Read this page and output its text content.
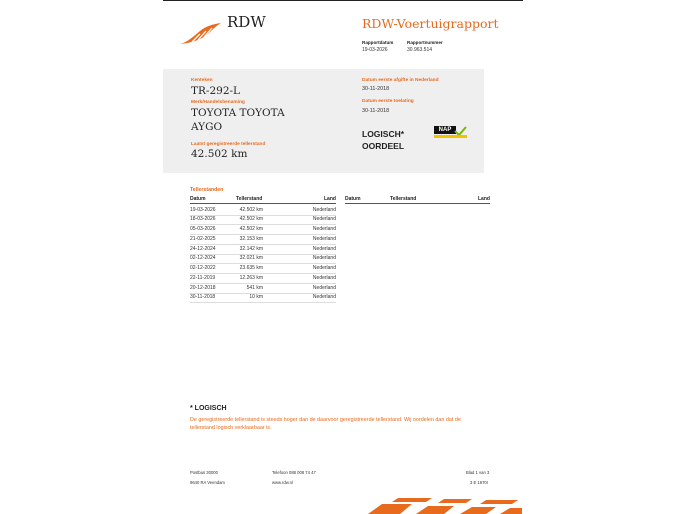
RDW	RDW-Voertuigrapport
Rapportdatum
19-03-2026
Rapportnummer
30.963.514
Kenteken
TR-292-L
Merk/Handelsbenaming
TOYOTA TOYOTA
AYGO
Laatst geregistreerde tellerstand
42.502 km
Datum eerste afgifte in Nederland
30-11-2018
Datum eerste toelating
30-11-2018
LOGISCH*
OORDEEL
NAP
Tellerstanden
Datum	Tellerstand	Land Datum	Tellerstand	Land
19-03-2026	42.502 km	Nederland
18-03-2026	42.502 km	Nederland
05-03-2026	42.502 km	Nederland
21-02-2025	32.153 km	Nederland
24-12-2024	32.142 km	Nederland
02-12-2024	32.021 km	Nederland
02-12-2022	23.635 km	Nederland
22-11-2019	12.263 km	Nederland
20-12-2018	541 km	Nederland
30-11-2018	10 km	Nederland
* LOGISCH
De geregistreerde tellerstand is steeds hoger dan de daarvoor geregistreerde tellerstand. Wij oordelen dan dat de tellerstand logisch verklaarbaar is.
Postbus 30000
9640 RA Veendam
Telefoon 088 008 74 47
www.rdw.nl
Blad 1 van 3
3 E 1670I
